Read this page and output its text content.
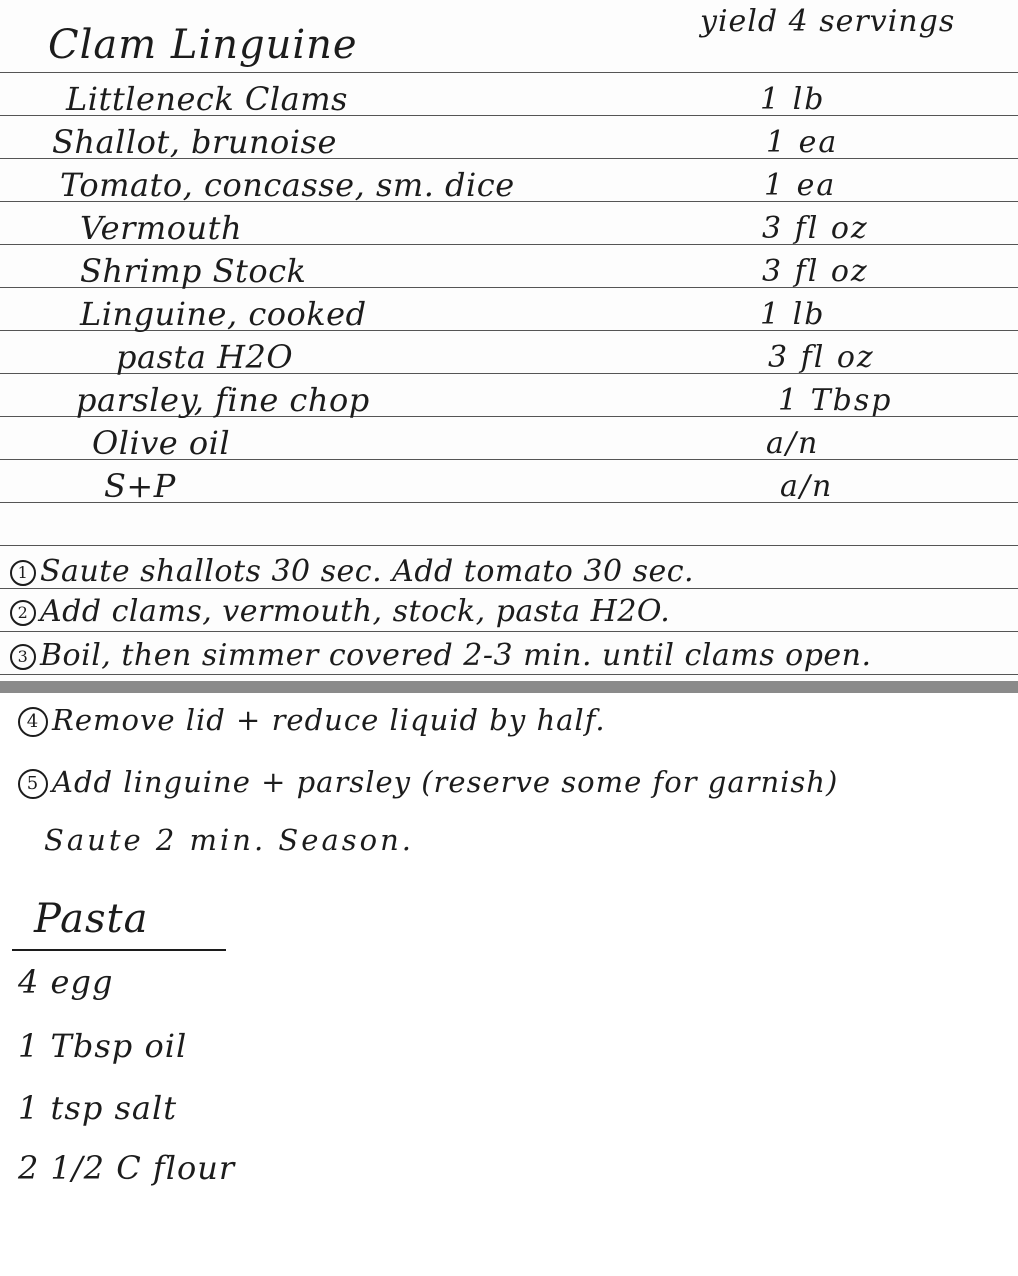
Clam Linguine
yield 4 servings
Littleneck Clams	1 lb
Shallot, brunoise	1 ea
Tomato, concasse, sm. dice	1 ea
Vermouth	3 fl oz
Shrimp Stock	3 fl oz
Linguine, cooked	1 lb
pasta H2O	3 fl oz
parsley, fine chop	1 Tbsp
Olive oil	a/n
S+P	a/n
1 Saute shallots 30 sec. Add tomato 30 sec.
2 Add clams, vermouth, stock, pasta H2O.
3 Boil, then simmer covered 2-3 min. until clams open.
4 Remove lid + reduce liquid by half.
5 Add linguine + parsley (reserve some for garnish)
Saute 2 min. Season.
Pasta
4 egg
1 Tbsp oil
1 tsp salt
2 1/2 C flour
